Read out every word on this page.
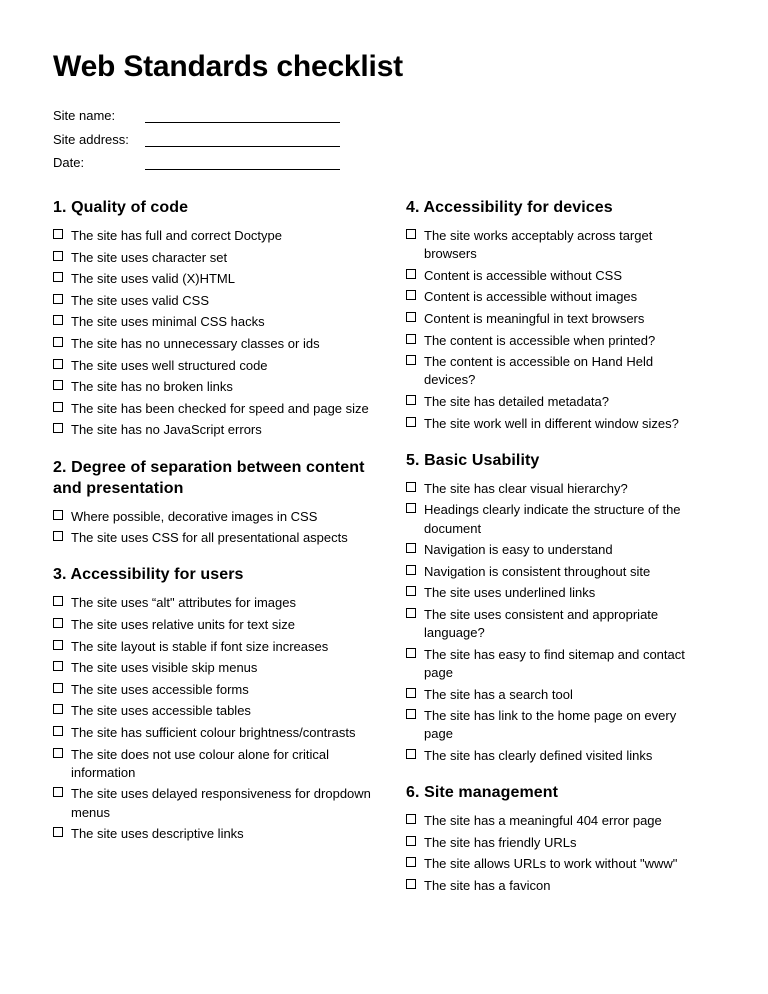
Web Standards checklist
Site name:
Site address:
Date:
1. Quality of code
The site has full and correct Doctype
The site uses character set
The site uses valid (X)HTML
The site uses valid CSS
The site uses minimal CSS hacks
The site has no unnecessary classes or ids
The site uses well structured code
The site has no broken links
The site has been checked for speed and page size
The site has no JavaScript errors
2. Degree of separation between content and presentation
Where possible, decorative images in CSS
The site uses CSS for all presentational aspects
3. Accessibility for users
The site uses “alt" attributes for images
The site uses relative units for text size
The site layout is stable if font size increases
The site uses visible skip menus
The site uses accessible forms
The site uses accessible tables
The site has sufficient colour brightness/contrasts
The site does not use colour alone for critical information
The site uses delayed responsiveness for dropdown menus
The site uses descriptive links
4. Accessibility for devices
The site works acceptably across target browsers
Content is accessible without CSS
Content is accessible without images
Content is meaningful in text browsers
The content is accessible when printed?
The content is accessible on Hand Held devices?
The site has detailed metadata?
The site work well in different window sizes?
5. Basic Usability
The site has clear visual hierarchy?
Headings clearly indicate the structure of the document
Navigation is easy to understand
Navigation is consistent throughout site
The site uses underlined links
The site uses consistent and appropriate language?
The site has easy to find sitemap and contact page
The site has a search tool
The site has link to the home page on every page
The site has clearly defined visited links
6. Site management
The site has a meaningful 404 error page
The site has friendly URLs
The site allows URLs to work without "www"
The site has a favicon
